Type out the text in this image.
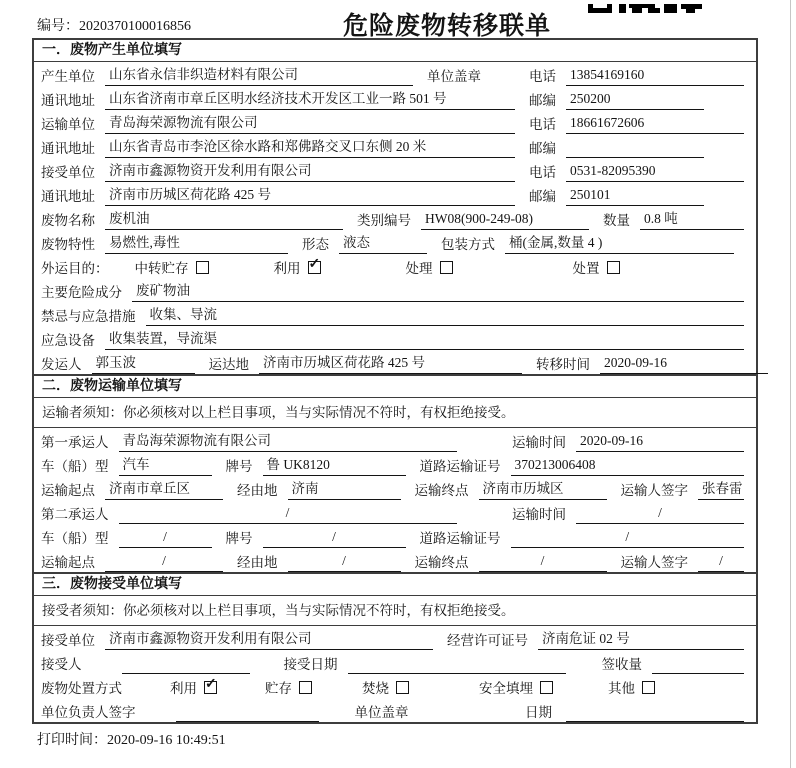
编号：2020370100016856	危险废物转移联单
一．废物产生单位填写
产生单位 山东省永信非织造材料有限公司	单位盖章	电话 13854169160
通讯地址 山东省济南市章丘区明水经济技术开发区工业一路 501 号	邮编 250200
运输单位 青岛海荣源物流有限公司	电话 18661672606
通讯地址 山东省青岛市李沧区徐水路和郑佛路交叉口东侧 20 米	邮编
接受单位 济南市鑫源物资开发利用有限公司	电话 0531-82095390
通讯地址 济南市历城区荷花路 425 号	邮编 250101
废物名称 废机油	类别编号 HW08(900-249-08)	数量 0.8 吨
废物特性 易燃性,毒性	形态 液态	包装方式 桶(金属,数量 4 )
外运目的： 中转贮存	利用 ✓	处理	处置
主要危险成分 废矿物油
禁忌与应急措施 收集、导流
应急设备 收集装置，导流渠
发运人 郭玉波	运达地 济南市历城区荷花路 425 号	转移时间 2020-09-16
二．废物运输单位填写
运输者须知：你必须核对以上栏目事项，当与实际情况不符时，有权拒绝接受。
第一承运人 青岛海荣源物流有限公司	运输时间 2020-09-16
车（船）型 汽车	牌号 鲁 UK8120	道路运输证号 370213006408
运输起点 济南市章丘区	经由地 济南	运输终点 济南市历城区	运输人签字 张春雷
第二承运人	/	运输时间	/
车（船）型	/	牌号	/	道路运输证号	/
运输起点	/	经由地	/	运输终点	/	运输人签字	/
三．废物接受单位填写
接受者须知：你必须核对以上栏目事项，当与实际情况不符时，有权拒绝接受。
接受单位 济南市鑫源物资开发利用有限公司	经营许可证号 济南危证 02 号
接受人	接受日期	签收量
废物处置方式	利用 ✓	贮存	焚烧	安全填埋	其他
单位负责人签字	单位盖章	日期
打印时间：2020-09-16 10:49:51
